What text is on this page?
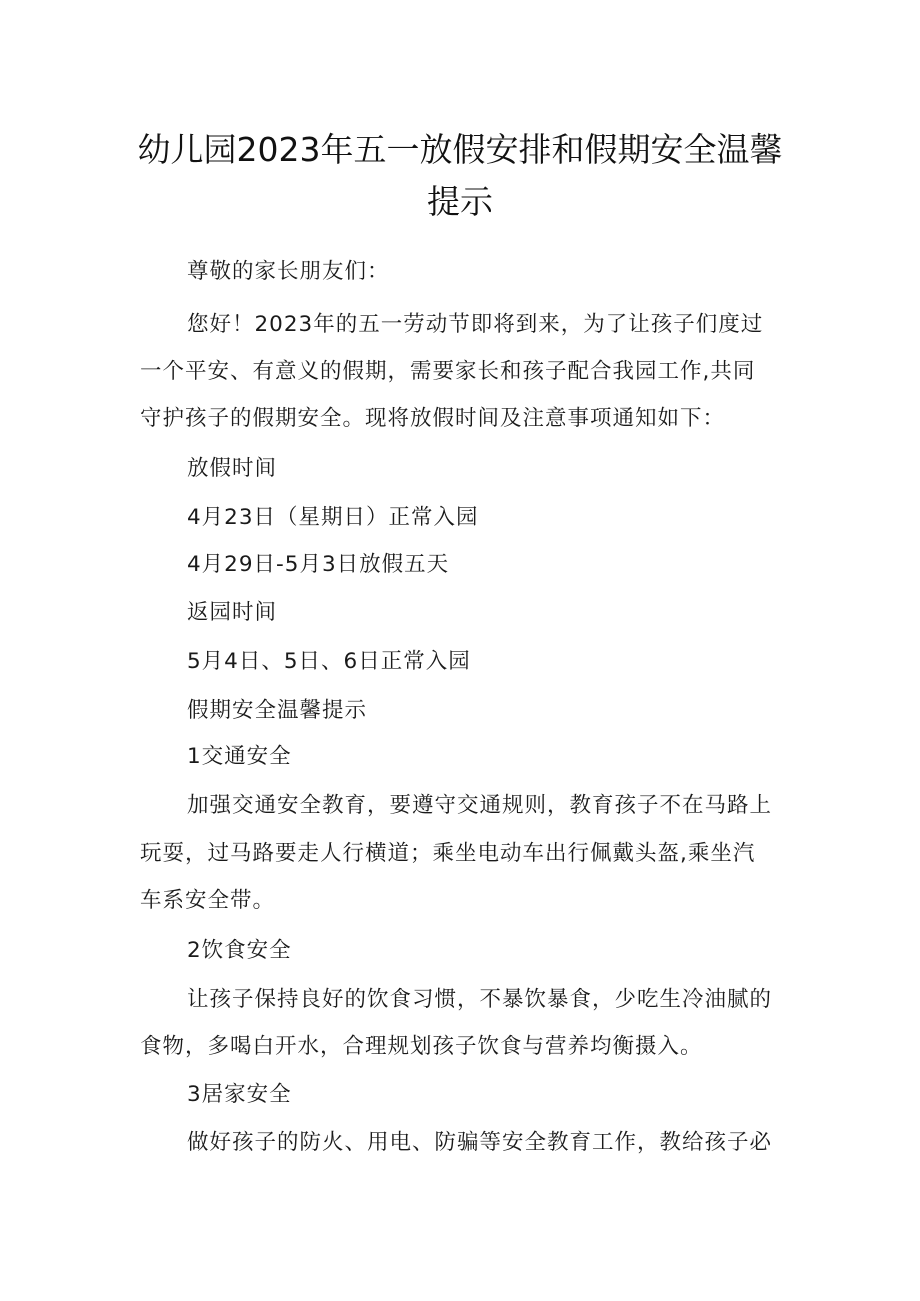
幼儿园2023年五一放假安排和假期安全温馨
提示

尊敬的家长朋友们：

您好！2023年的五一劳动节即将到来，为了让孩子们度过

一个平安、有意义的假期，需要家长和孩子配合我园工作,共同

守护孩子的假期安全。现将放假时间及注意事项通知如下：

放假时间

4月23日（星期日）正常入园

4月29日-5月3日放假五天

返园时间

5月4日、5日、6日正常入园

假期安全温馨提示

1交通安全

加强交通安全教育，要遵守交通规则，教育孩子不在马路上

玩耍，过马路要走人行横道；乘坐电动车出行佩戴头盔,乘坐汽

车系安全带。

2饮食安全

让孩子保持良好的饮食习惯，不暴饮暴食，少吃生冷油腻的

食物，多喝白开水，合理规划孩子饮食与营养均衡摄入。

3居家安全

做好孩子的防火、用电、防骗等安全教育工作，教给孩子必
